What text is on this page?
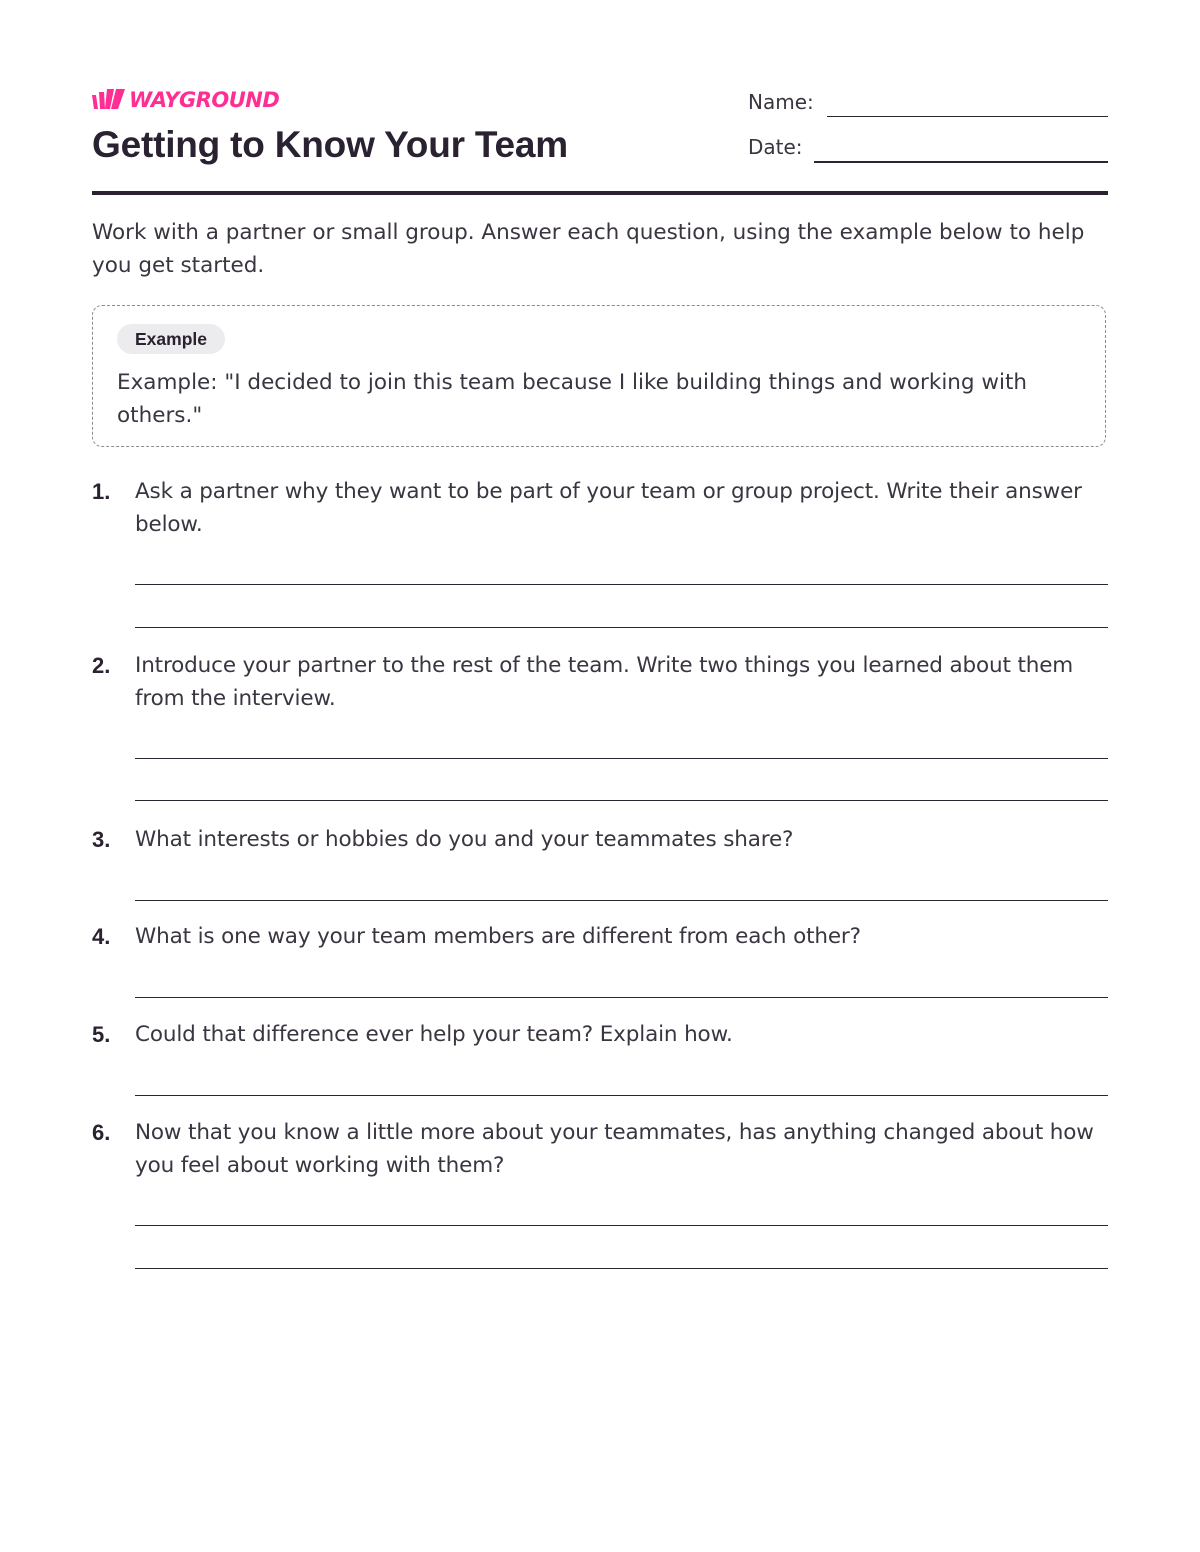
WAYGROUND
Getting to Know Your Team
Name:
Date:

Work with a partner or small group. Answer each question, using the example below to help you get started.

Example

Example: "I decided to join this team because I like building things and working with others."

1. Ask a partner why they want to be part of your team or group project. Write their answer below.

2. Introduce your partner to the rest of the team. Write two things you learned about them from the interview.

3. What interests or hobbies do you and your teammates share?

4. What is one way your team members are different from each other?

5. Could that difference ever help your team? Explain how.

6. Now that you know a little more about your teammates, has anything changed about how you feel about working with them?
